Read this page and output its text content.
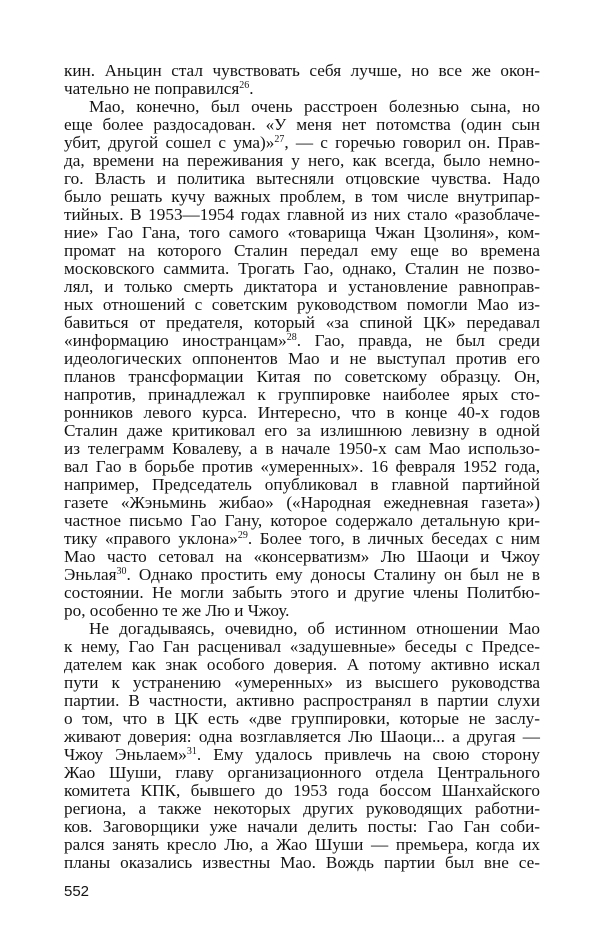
кин. Аньцин стал чувствовать себя лучше, но все же окон-
чательно не поправился$^{26}$.
Мао, конечно, был очень расстроен болезнью сына, но
еще более раздосадован. «У меня нет потомства (один сын
убит, другой сошел с ума)»$^{27}$, — с горечью говорил он. Прав-
да, времени на переживания у него, как всегда, было немно-
го. Власть и политика вытесняли отцовские чувства. Надо
было решать кучу важных проблем, в том числе внутрипар-
тийных. В 1953—1954 годах главной из них стало «разоблаче-
ние» Гао Гана, того самого «товарища Чжан Цзолиня», ком-
промат на которого Сталин передал ему еще во времена
московского саммита. Трогать Гао, однако, Сталин не позво-
лял, и только смерть диктатора и установление равноправ-
ных отношений с советским руководством помогли Мао из-
бавиться от предателя, который «за спиной ЦК» передавал
«информацию иностранцам»$^{28}$. Гао, правда, не был среди
идеологических оппонентов Мао и не выступал против его
планов трансформации Китая по советскому образцу. Он,
напротив, принадлежал к группировке наиболее ярых сто-
ронников левого курса. Интересно, что в конце 40-х годов
Сталин даже критиковал его за излишнюю левизну в одной
из телеграмм Ковалеву, а в начале 1950-х сам Мао использо-
вал Гао в борьбе против «умеренных». 16 февраля 1952 года,
например, Председатель опубликовал в главной партийной
газете «Жэньминь жибао» («Народная ежедневная газета»)
частное письмо Гао Гану, которое содержало детальную кри-
тику «правого уклона»$^{29}$. Более того, в личных беседах с ним
Мао часто сетовал на «консерватизм» Лю Шаоци и Чжоу
Эньлая$^{30}$. Однако простить ему доносы Сталину он был не в
состоянии. Не могли забыть этого и другие члены Политбю-
ро, особенно те же Лю и Чжоу.
Не догадываясь, очевидно, об истинном отношении Мао
к нему, Гао Ган расценивал «задушевные» беседы с Предсе-
дателем как знак особого доверия. А потому активно искал
пути к устранению «умеренных» из высшего руководства
партии. В частности, активно распространял в партии слухи
о том, что в ЦК есть «две группировки, которые не заслу-
живают доверия: одна возглавляется Лю Шаоци... а другая —
Чжоу Эньлаем»$^{31}$. Ему удалось привлечь на свою сторону
Жао Шуши, главу организационного отдела Центрального
комитета КПК, бывшего до 1953 года боссом Шанхайского
региона, а также некоторых других руководящих работни-
ков. Заговорщики уже начали делить посты: Гао Ган соби-
рался занять кресло Лю, а Жао Шуши — премьера, когда их
планы оказались известны Мао. Вождь партии был вне се-
552
